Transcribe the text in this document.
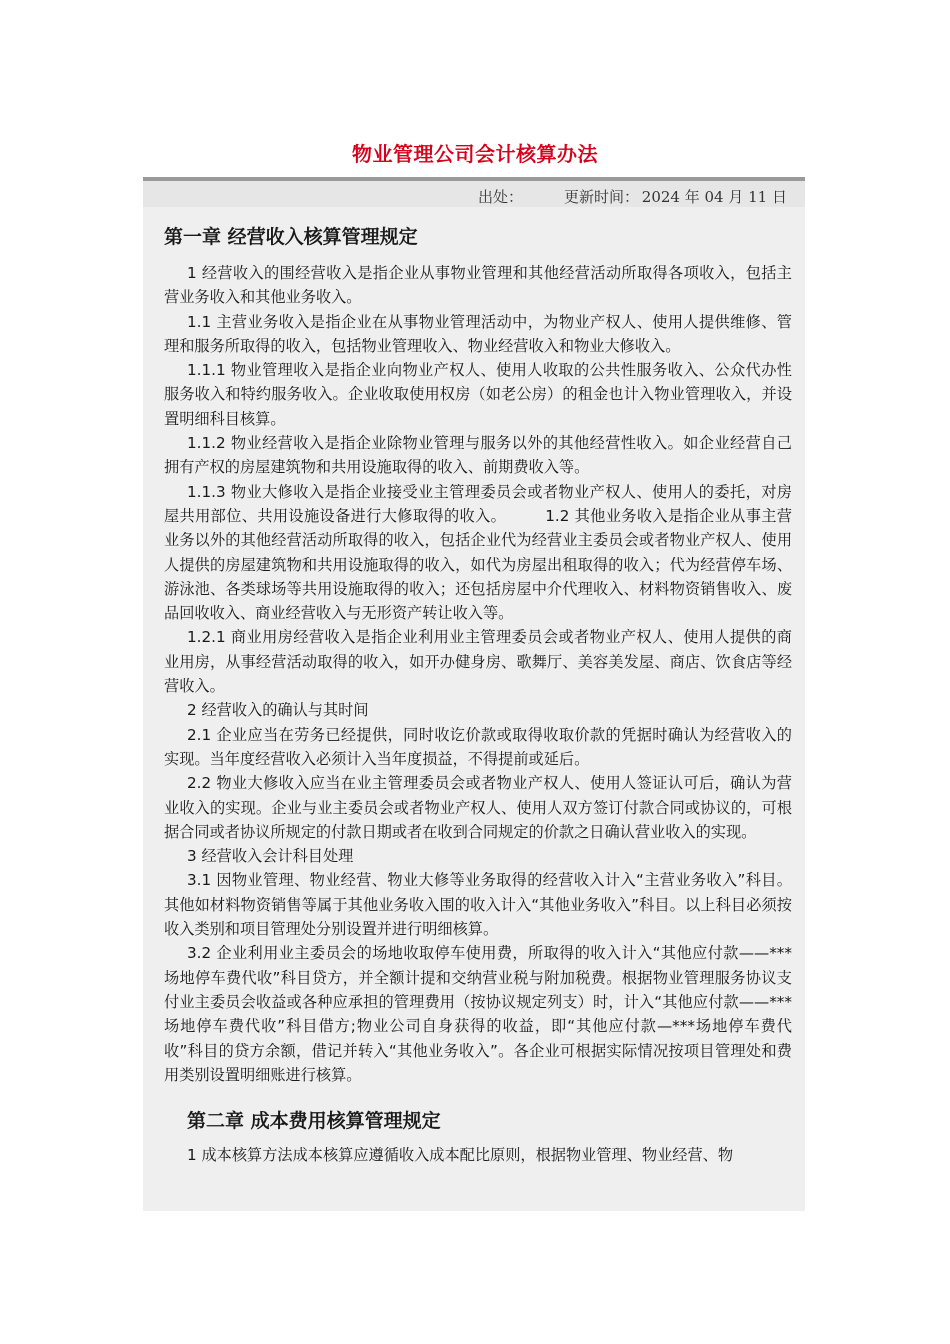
物业管理公司会计核算办法
出处：	更新时间： 2024 年 04 月 11 日
第一章 经营收入核算管理规定

1 经营收入的围经营收入是指企业从事物业管理和其他经营活动所取得各项收入，包括主营业务收入和其他业务收入。

1.1 主营业务收入是指企业在从事物业管理活动中，为物业产权人、使用人提供维修、管理和服务所取得的收入，包括物业管理收入、物业经营收入和物业大修收入。

1.1.1 物业管理收入是指企业向物业产权人、使用人收取的公共性服务收入、公众代办性服务收入和特约服务收入。企业收取使用权房（如老公房）的租金也计入物业管理收入，并设置明细科目核算。

1.1.2 物业经营收入是指企业除物业管理与服务以外的其他经营性收入。如企业经营自己拥有产权的房屋建筑物和共用设施取得的收入、前期费收入等。

1.1.3 物业大修收入是指企业接受业主管理委员会或者物业产权人、使用人的委托，对房屋共用部位、共用设施设备进行大修取得的收入。　　　1.2 其他业务收入是指企业从事主营业务以外的其他经营活动所取得的收入，包括企业代为经营业主委员会或者物业产权人、使用人提供的房屋建筑物和共用设施取得的收入，如代为房屋出租取得的收入；代为经营停车场、游泳池、各类球场等共用设施取得的收入；还包括房屋中介代理收入、材料物资销售收入、废品回收收入、商业经营收入与无形资产转让收入等。

1.2.1 商业用房经营收入是指企业利用业主管理委员会或者物业产权人、使用人提供的商业用房，从事经营活动取得的收入，如开办健身房、歌舞厅、美容美发屋、商店、饮食店等经营收入。

2 经营收入的确认与其时间

2.1 企业应当在劳务已经提供，同时收讫价款或取得收取价款的凭据时确认为经营收入的实现。当年度经营收入必须计入当年度损益，不得提前或延后。

2.2 物业大修收入应当在业主管理委员会或者物业产权人、使用人签证认可后，确认为营业收入的实现。企业与业主委员会或者物业产权人、使用人双方签订付款合同或协议的，可根据合同或者协议所规定的付款日期或者在收到合同规定的价款之日确认营业收入的实现。

3 经营收入会计科目处理

3.1 因物业管理、物业经营、物业大修等业务取得的经营收入计入“主营业务收入”科目。其他如材料物资销售等属于其他业务收入围的收入计入“其他业务收入”科目。以上科目必须按收入类别和项目管理处分别设置并进行明细核算。

3.2 企业利用业主委员会的场地收取停车使用费，所取得的收入计入“其他应付款——***场地停车费代收”科目贷方，并全额计提和交纳营业税与附加税费。根据物业管理服务协议支付业主委员会收益或各种应承担的管理费用（按协议规定列支）时，计入“其他应付款——***场地停车费代收”科目借方;物业公司自身获得的收益，即“其他应付款—***场地停车费代收”科目的贷方余额，借记并转入“其他业务收入”。各企业可根据实际情况按项目管理处和费用类别设置明细账进行核算。

第二章 成本费用核算管理规定

1 成本核算方法成本核算应遵循收入成本配比原则，根据物业管理、物业经营、物
